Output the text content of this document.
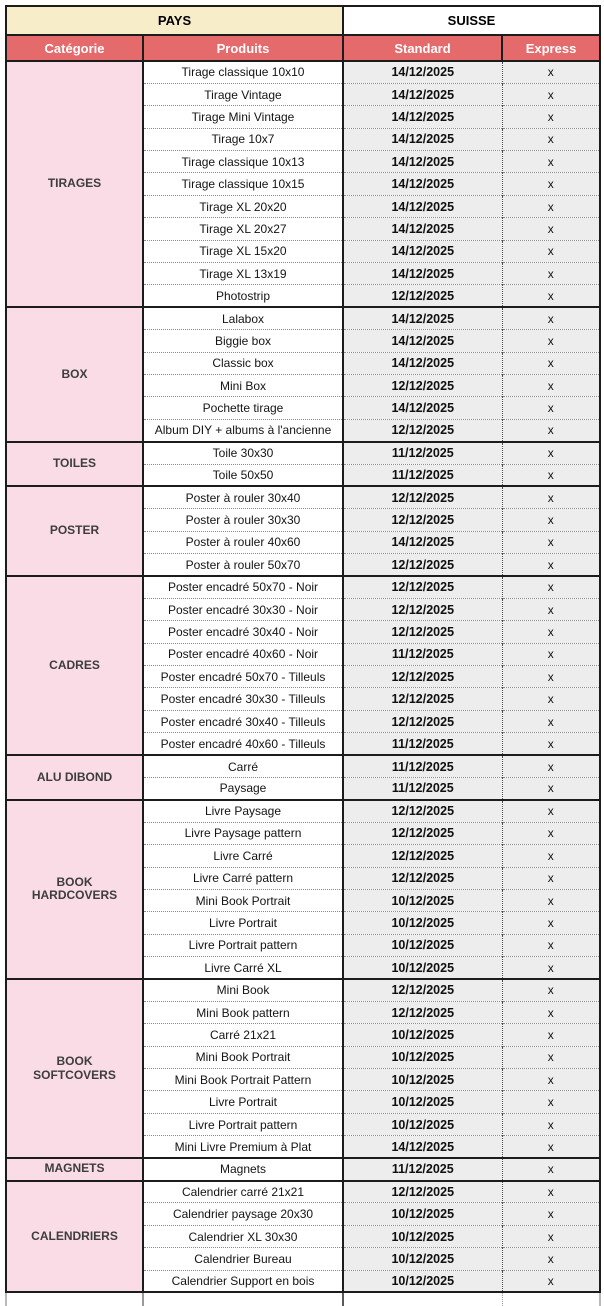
PAYS		SUISSE	
Catégorie	Produits	Standard	Express
TIRAGES	Tirage classique 10x10	14/12/2025	x
	Tirage Vintage	14/12/2025	x
	Tirage Mini Vintage	14/12/2025	x
	Tirage 10x7	14/12/2025	x
	Tirage classique 10x13	14/12/2025	x
	Tirage classique 10x15	14/12/2025	x
	Tirage XL 20x20	14/12/2025	x
	Tirage XL 20x27	14/12/2025	x
	Tirage XL 15x20	14/12/2025	x
	Tirage XL 13x19	14/12/2025	x
	Photostrip	12/12/2025	x
BOX	Lalabox	14/12/2025	x
	Biggie box	14/12/2025	x
	Classic box	14/12/2025	x
	Mini Box	12/12/2025	x
	Pochette tirage	14/12/2025	x
	Album DIY + albums à l'ancienne	12/12/2025	x
TOILES	Toile 30x30	11/12/2025	x
	Toile 50x50	11/12/2025	x
POSTER	Poster à rouler 30x40	12/12/2025	x
	Poster à rouler 30x30	12/12/2025	x
	Poster à rouler 40x60	14/12/2025	x
	Poster à rouler 50x70	12/12/2025	x
CADRES	Poster encadré 50x70 - Noir	12/12/2025	x
	Poster encadré 30x30 - Noir	12/12/2025	x
	Poster encadré 30x40 - Noir	12/12/2025	x
	Poster encadré 40x60 - Noir	11/12/2025	x
	Poster encadré 50x70 - Tilleuls	12/12/2025	x
	Poster encadré 30x30 - Tilleuls	12/12/2025	x
	Poster encadré 30x40 - Tilleuls	12/12/2025	x
	Poster encadré 40x60 - Tilleuls	11/12/2025	x
ALU DIBOND	Carré	11/12/2025	x
	Paysage	11/12/2025	x
BOOK HARDCOVERS	Livre Paysage	12/12/2025	x
	Livre Paysage pattern	12/12/2025	x
	Livre Carré	12/12/2025	x
	Livre Carré pattern	12/12/2025	x
	Mini Book Portrait	10/12/2025	x
	Livre Portrait	10/12/2025	x
	Livre Portrait pattern	10/12/2025	x
	Livre Carré XL	10/12/2025	x
BOOK SOFTCOVERS	Mini Book	12/12/2025	x
	Mini Book pattern	12/12/2025	x
	Carré 21x21	10/12/2025	x
	Mini Book Portrait	10/12/2025	x
	Mini Book Portrait Pattern	10/12/2025	x
	Livre Portrait	10/12/2025	x
	Livre Portrait pattern	10/12/2025	x
	Mini Livre Premium à Plat	14/12/2025	x
MAGNETS	Magnets	11/12/2025	x
CALENDRIERS	Calendrier carré 21x21	12/12/2025	x
	Calendrier paysage 20x30	10/12/2025	x
	Calendrier XL 30x30	10/12/2025	x
	Calendrier Bureau	10/12/2025	x
	Calendrier Support en bois	10/12/2025	x
